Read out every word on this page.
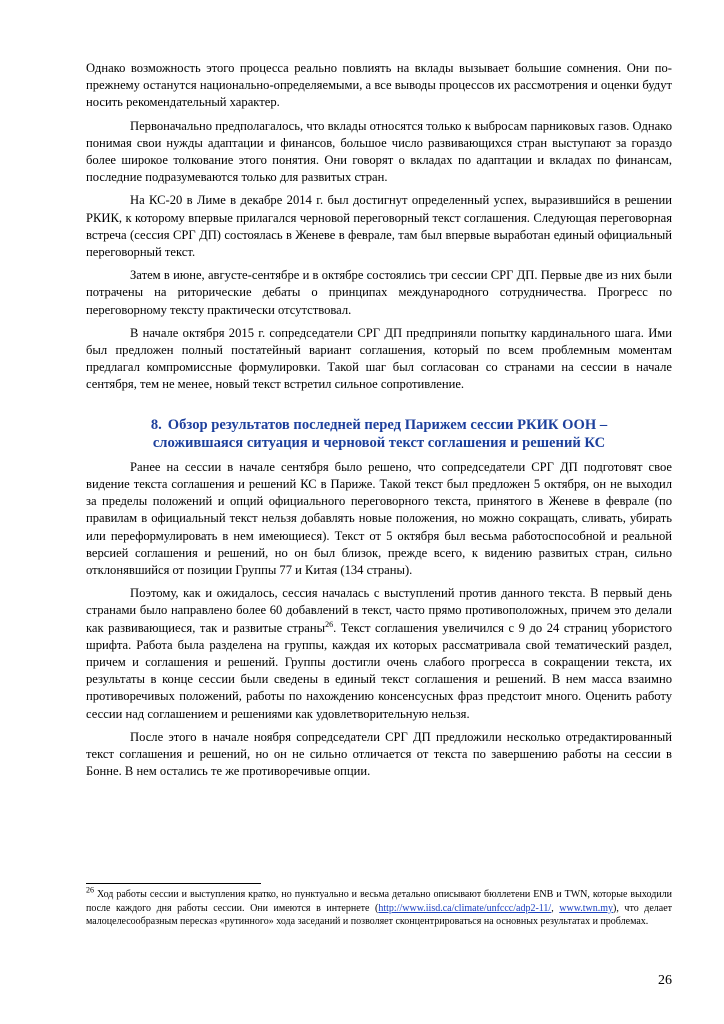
Однако возможность этого процесса реально повлиять на вклады вызывает большие сомнения. Они по-прежнему останутся национально-определяемыми, а все выводы процессов их рассмотрения и оценки будут носить рекомендательный характер.

Первоначально предполагалось, что вклады относятся только к выбросам парниковых газов. Однако понимая свои нужды адаптации и финансов, большое число развивающихся стран выступают за гораздо более широкое толкование этого понятия. Они говорят о вкладах по адаптации и вкладах по финансам, последние подразумеваются только для развитых стран.

На КС-20 в Лиме в декабре 2014 г. был достигнут определенный успех, выразившийся в решении РКИК, к которому впервые прилагался черновой переговорный текст соглашения. Следующая переговорная встреча (сессия СРГ ДП) состоялась в Женеве в феврале, там был впервые выработан единый официальный переговорный текст.

Затем в июне, августе-сентябре и в октябре состоялись три сессии СРГ ДП. Первые две из них были потрачены на риторические дебаты о принципах международного сотрудничества. Прогресс по переговорному тексту практически отсутствовал.

В начале октября 2015 г. сопредседатели СРГ ДП предприняли попытку кардинального шага. Ими был предложен полный постатейный вариант соглашения, который по всем проблемным моментам предлагал компромиссные формулировки. Такой шаг был согласован со странами на сессии в начале сентября, тем не менее, новый текст встретил сильное сопротивление.

8. Обзор результатов последней перед Парижем сессии РКИК ООН –
сложившаяся ситуация и черновой текст соглашения и решений КС

Ранее на сессии в начале сентября было решено, что сопредседатели СРГ ДП подготовят свое видение текста соглашения и решений КС в Париже. Такой текст был предложен 5 октября, он не выходил за пределы положений и опций официального переговорного текста, принятого в Женеве в феврале (по правилам в официальный текст нельзя добавлять новые положения, но можно сокращать, сливать, убирать или переформулировать в нем имеющиеся). Текст от 5 октября был весьма работоспособной и реальной версией соглашения и решений, но он был близок, прежде всего, к видению развитых стран, сильно отклонявшийся от позиции Группы 77 и Китая (134 страны).

Поэтому, как и ожидалось, сессия началась с выступлений против данного текста. В первый день странами было направлено более 60 добавлений в текст, часто прямо противоположных, причем это делали как развивающиеся, так и развитые страны$^{26}$. Текст соглашения увеличился с 9 до 24 страниц убористого шрифта. Работа была разделена на группы, каждая их которых рассматривала свой тематический раздел, причем и соглашения и решений. Группы достигли очень слабого прогресса в сокращении текста, их результаты в конце сессии были сведены в единый текст соглашения и решений. В нем масса взаимно противоречивых положений, работы по нахождению консенсусных фраз предстоит много. Оценить работу сессии над соглашением и решениями как удовлетворительную нельзя.

После этого в начале ноября сопредседатели СРГ ДП предложили несколько отредактированный текст соглашения и решений, но он не сильно отличается от текста по завершению работы на сессии в Бонне. В нем остались те же противоречивые опции.

$^{26}$ Ход работы сессии и выступления кратко, но пунктуально и весьма детально описывают бюллетени ENB и TWN, которые выходили после каждого дня работы сессии. Они имеются в интернете (http://www.iisd.ca/climate/unfccc/adp2-11/, www.twn.my), что делает малоцелесообразным пересказ «рутинного» хода заседаний и позволяет сконцентрироваться на основных результатах и проблемах.

26
